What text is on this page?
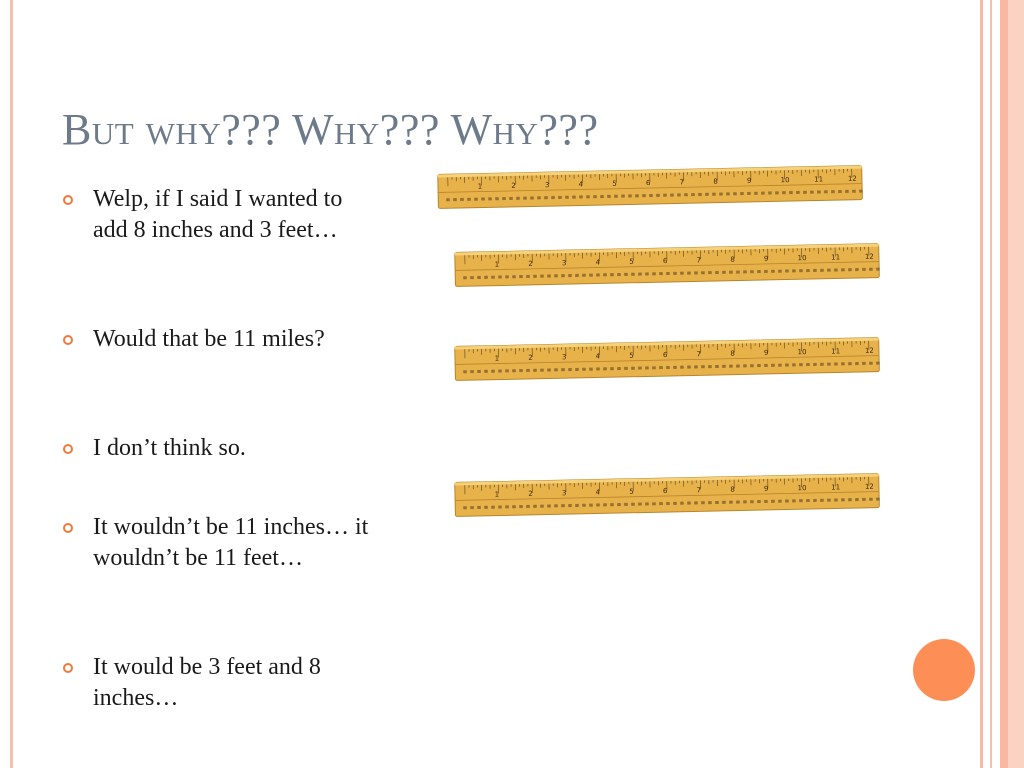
But why??? Why??? Why???
Welp, if I said I wanted to add 8 inches and 3 feet…
Would that be 11 miles?
I don’t think so.
It wouldn’t be 11 inches… it wouldn’t be 11 feet…
It would be 3 feet and 8 inches…
1	2	3	4	5	6	7	8	9	10	11	12
1	2	3	4	5	6	7	8	9	10	11	12
1	2	3	4	5	6	7	8	9	10	11	12
1	2	3	4	5	6	7	8	9	10	11	12
